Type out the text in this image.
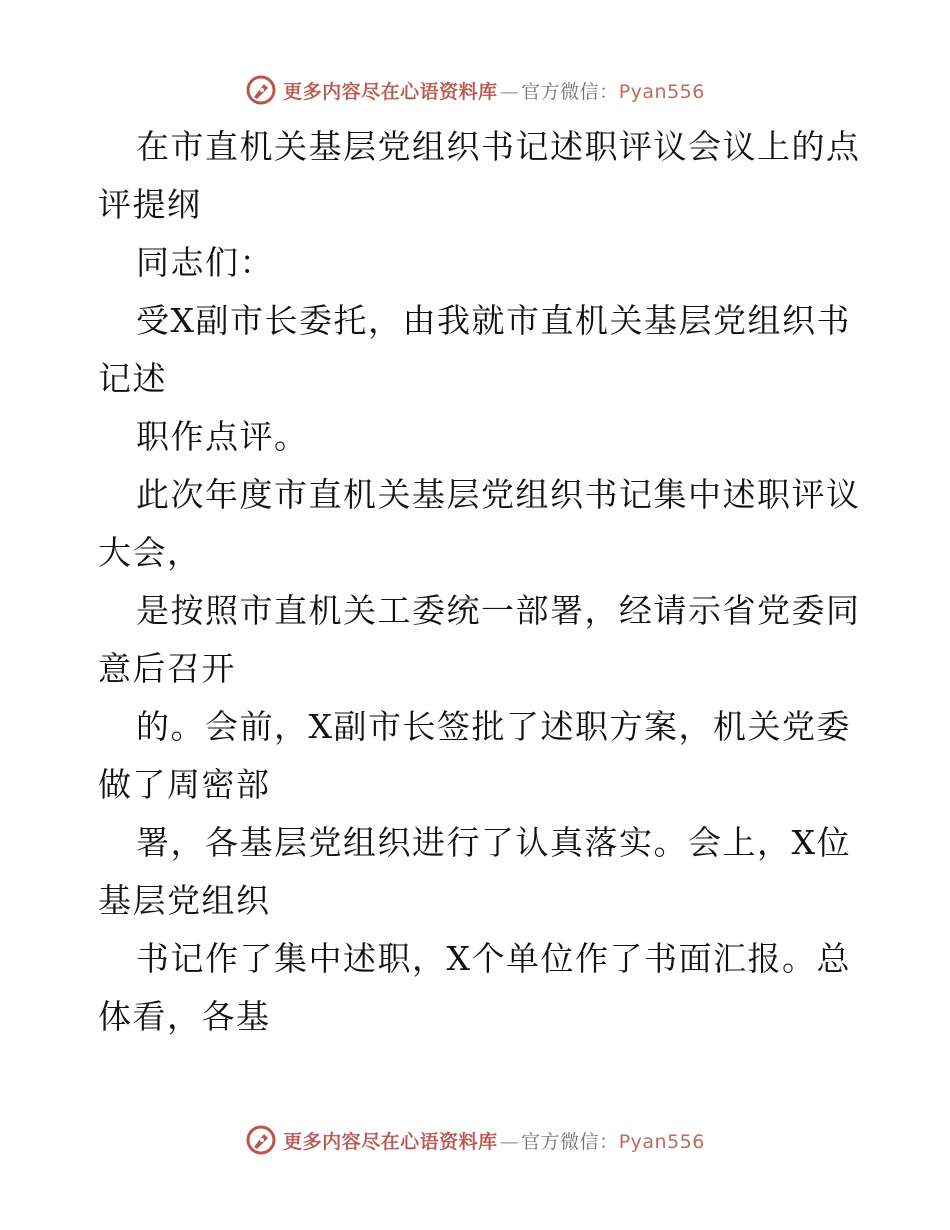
更多内容尽在心语资料库 — 官方微信：Pyan556
在市直机关基层党组织书记述职评议会议上的点
评提纲
同志们：
受X副市长委托，由我就市直机关基层党组织书
记述
职作点评。
此次年度市直机关基层党组织书记集中述职评议
大会，
是按照市直机关工委统一部署，经请示省党委同
意后召开
的。会前，X副市长签批了述职方案，机关党委
做了周密部
署，各基层党组织进行了认真落实。会上，X位
基层党组织
书记作了集中述职，X个单位作了书面汇报。总
体看，各基
更多内容尽在心语资料库 — 官方微信：Pyan556
